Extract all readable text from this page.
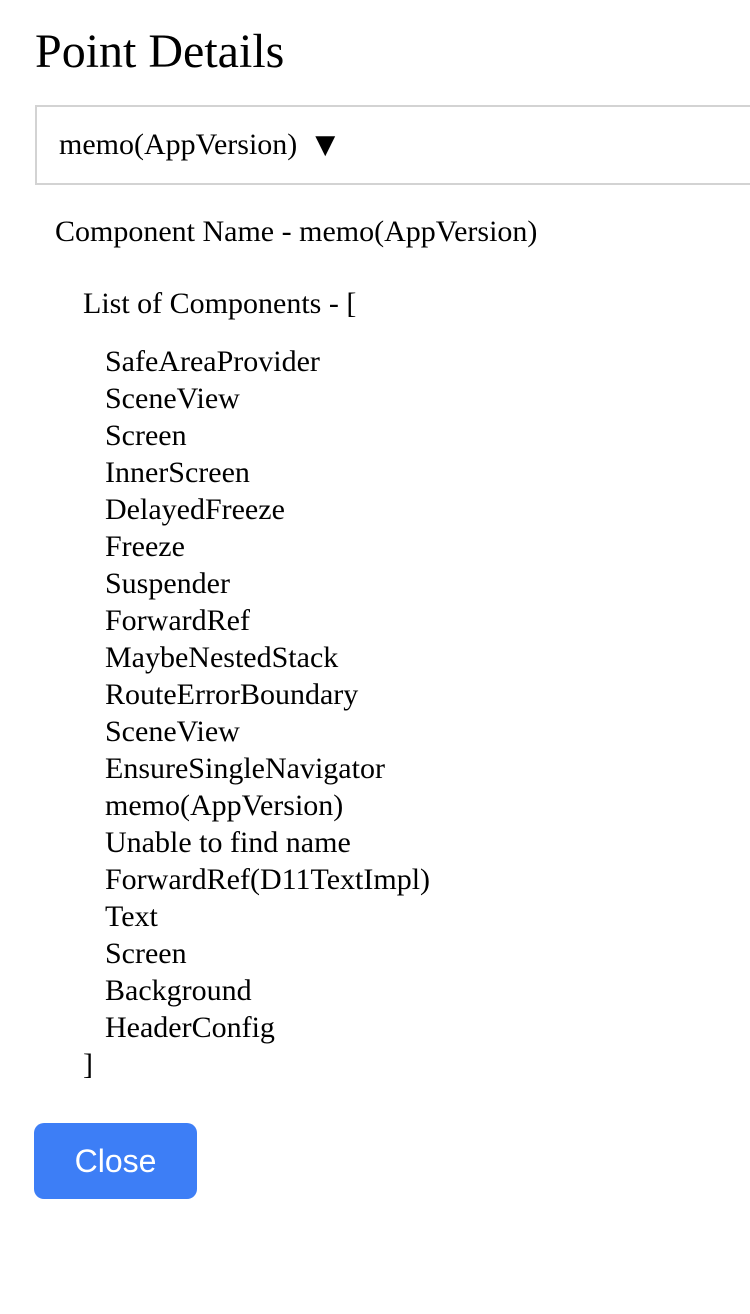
Point Details
memo(AppVersion) ▼
Component Name - memo(AppVersion)
List of Components - [
SafeAreaProvider
SceneView
Screen
InnerScreen
DelayedFreeze
Freeze
Suspender
ForwardRef
MaybeNestedStack
RouteErrorBoundary
SceneView
EnsureSingleNavigator
memo(AppVersion)
Unable to find name
ForwardRef(D11TextImpl)
Text
Screen
Background
HeaderConfig
]
Close
